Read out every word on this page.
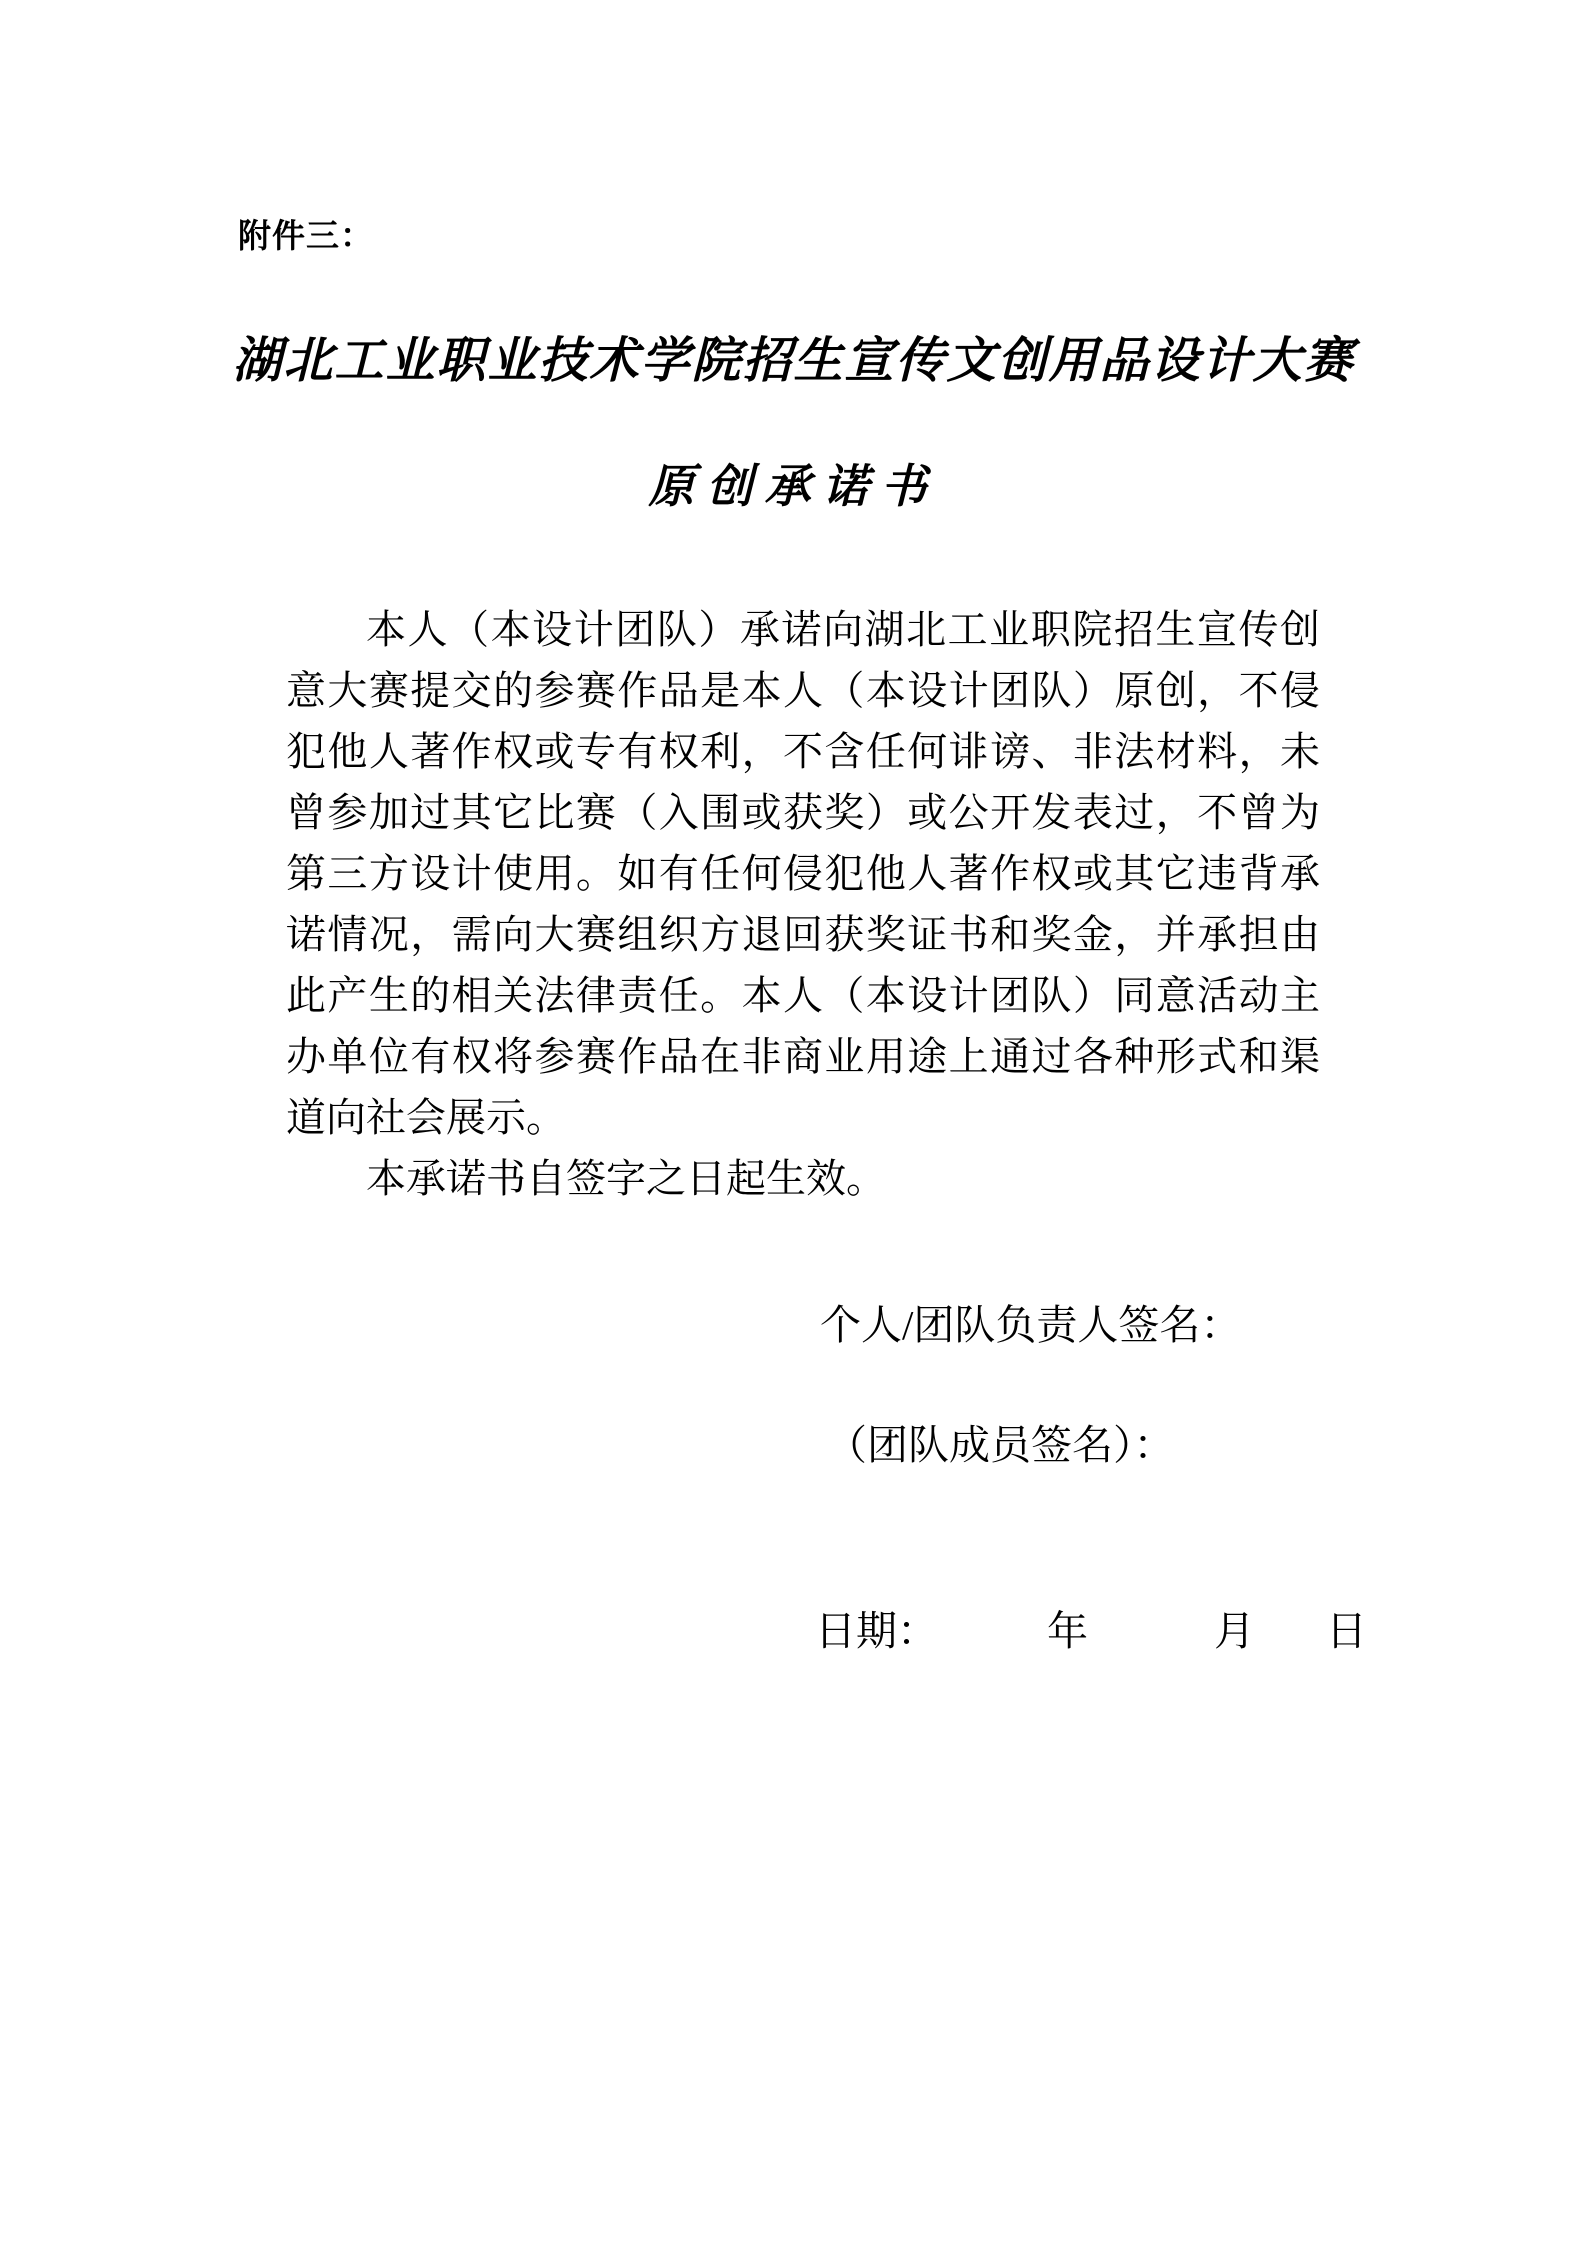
附件三：
湖北工业职业技术学院招生宣传文创用品设计大赛
原创承诺书

本人（本设计团队）承诺向湖北工业职院招生宣传创意大赛提交的参赛作品是本人（本设计团队）原创，不侵犯他人著作权或专有权利，不含任何诽谤、非法材料，未曾参加过其它比赛（入围或获奖）或公开发表过，不曾为第三方设计使用。如有任何侵犯他人著作权或其它违背承诺情况，需向大赛组织方退回获奖证书和奖金，并承担由此产生的相关法律责任。本人（本设计团队）同意活动主办单位有权将参赛作品在非商业用途上通过各种形式和渠道向社会展示。

本承诺书自签字之日起生效。

个人/团队负责人签名：
（团队成员签名）：
日期：	年	月 日
